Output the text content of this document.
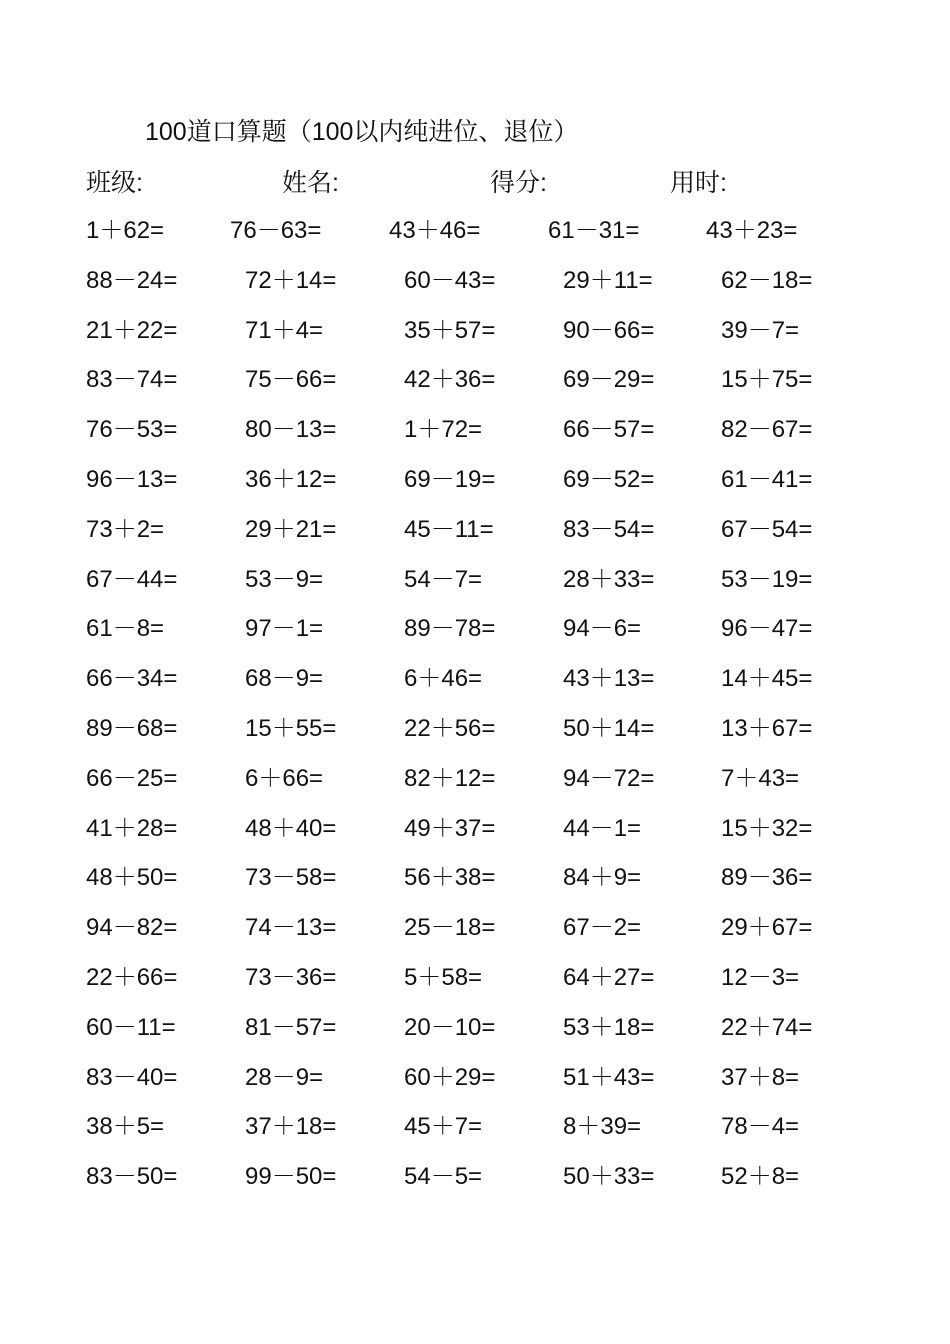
100道口算题（100以内纯进位、退位）
班级:	姓名:	得分:	用时:
1＋62=	76－63=	43＋46=	61－31=	43＋23=
88－24=	72＋14=	60－43=	29＋11=	62－18=
21＋22=	71＋4=	35＋57=	90－66=	39－7=
83－74=	75－66=	42＋36=	69－29=	15＋75=
76－53=	80－13=	1＋72=	66－57=	82－67=
96－13=	36＋12=	69－19=	69－52=	61－41=
73＋2=	29＋21=	45－11=	83－54=	67－54=
67－44=	53－9=	54－7=	28＋33=	53－19=
61－8=	97－1=	89－78=	94－6=	96－47=
66－34=	68－9=	6＋46=	43＋13=	14＋45=
89－68=	15＋55=	22＋56=	50＋14=	13＋67=
66－25=	6＋66=	82＋12=	94－72=	7＋43=
41＋28=	48＋40=	49＋37=	44－1=	15＋32=
48＋50=	73－58=	56＋38=	84＋9=	89－36=
94－82=	74－13=	25－18=	67－2=	29＋67=
22＋66=	73－36=	5＋58=	64＋27=	12－3=
60－11=	81－57=	20－10=	53＋18=	22＋74=
83－40=	28－9=	60＋29=	51＋43=	37＋8=
38＋5=	37＋18=	45＋7=	8＋39=	78－4=
83－50=	99－50=	54－5=	50＋33=	52＋8=
